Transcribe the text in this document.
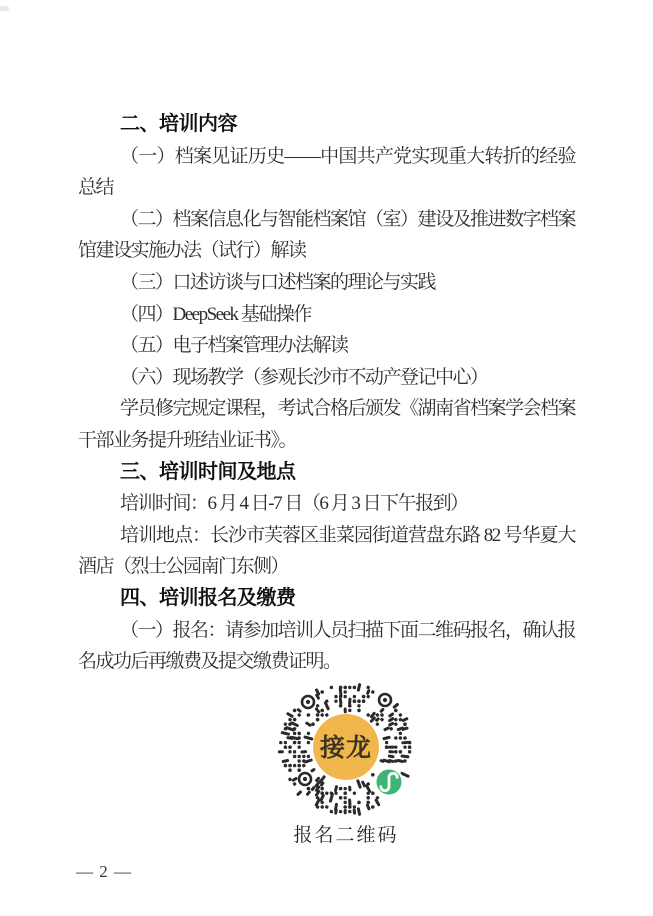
二、培训内容
（一）档案见证历史——中国共产党实现重大转折的经验
总结
（二）档案信息化与智能档案馆（室）建设及推进数字档案
馆建设实施办法（试行）解读
（三）口述访谈与口述档案的理论与实践
（四）DeepSeek 基础操作
（五）电子档案管理办法解读
（六）现场教学（参观长沙市不动产登记中心）
学员修完规定课程，考试合格后颁发《湖南省档案学会档案
干部业务提升班结业证书》。
三、培训时间及地点
培训时间：6 月 4 日-7 日（6 月 3 日下午报到）
培训地点：长沙市芙蓉区韭菜园街道营盘东路 82 号华夏大
酒店（烈士公园南门东侧）
四、培训报名及缴费
（一）报名：请参加培训人员扫描下面二维码报名，确认报
名成功后再缴费及提交缴费证明。
接龙
报名二维码
— 2 —
